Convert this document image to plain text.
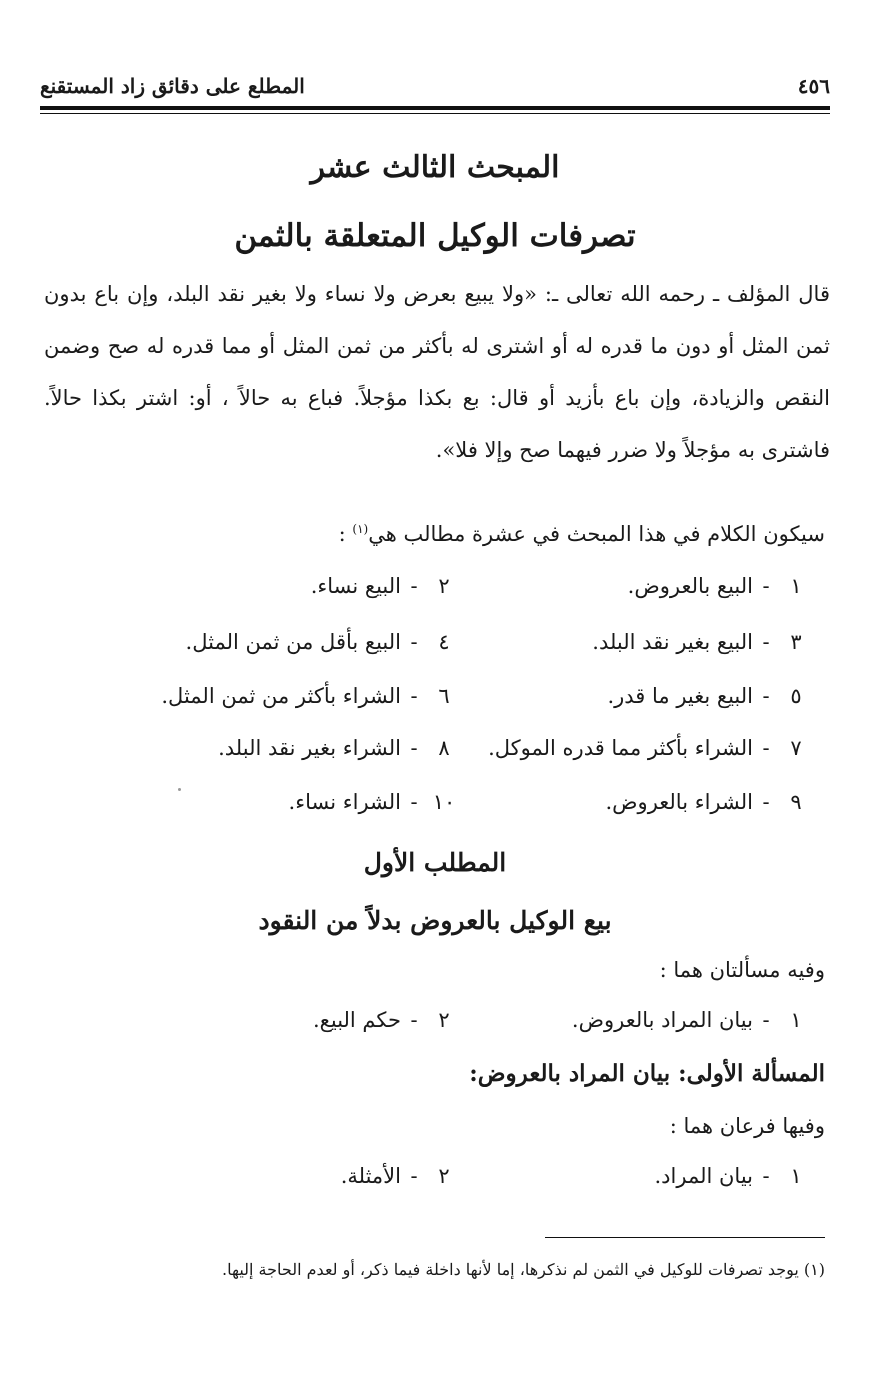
٤٥٦
المطلع على دقائق زاد المستقنع
المبحث الثالث عشر
تصرفات الوكيل المتعلقة بالثمن
قال المؤلف ـ رحمه الله تعالى ـ: «ولا يبيع بعرض ولا نساء ولا بغير نقد البلد، وإن باع بدون ثمن المثل أو دون ما قدره له أو اشترى له بأكثر من ثمن المثل أو مما قدره له صح وضمن النقص والزيادة، وإن باع بأزيد أو قال: بع بكذا مؤجلاً. فباع به حالاً ، أو: اشتر بكذا حالاً. فاشترى به مؤجلاً ولا ضرر فيهما صح وإلا فلا».
سيكون الكلام في هذا المبحث في عشرة مطالب هي$^{(١)}$ :
١-البيع بالعروض.
٢-البيع نساء.
٣-البيع بغير نقد البلد.
٤-البيع بأقل من ثمن المثل.
٥-البيع بغير ما قدر.
٦-الشراء بأكثر من ثمن المثل.
٧-الشراء بأكثر مما قدره الموكل.
٨-الشراء بغير نقد البلد.
٩-الشراء بالعروض.
١٠-الشراء نساء.
المطلب الأول
بيع الوكيل بالعروض بدلاً من النقود
وفيه مسألتان هما :
١-بيان المراد بالعروض.
٢-حكم البيع.
المسألة الأولى: بيان المراد بالعروض:
وفيها فرعان هما :
١-بيان المراد.
٢-الأمثلة.
(١) يوجد تصرفات للوكيل في الثمن لم نذكرها، إما لأنها داخلة فيما ذكر، أو لعدم الحاجة إليها.
